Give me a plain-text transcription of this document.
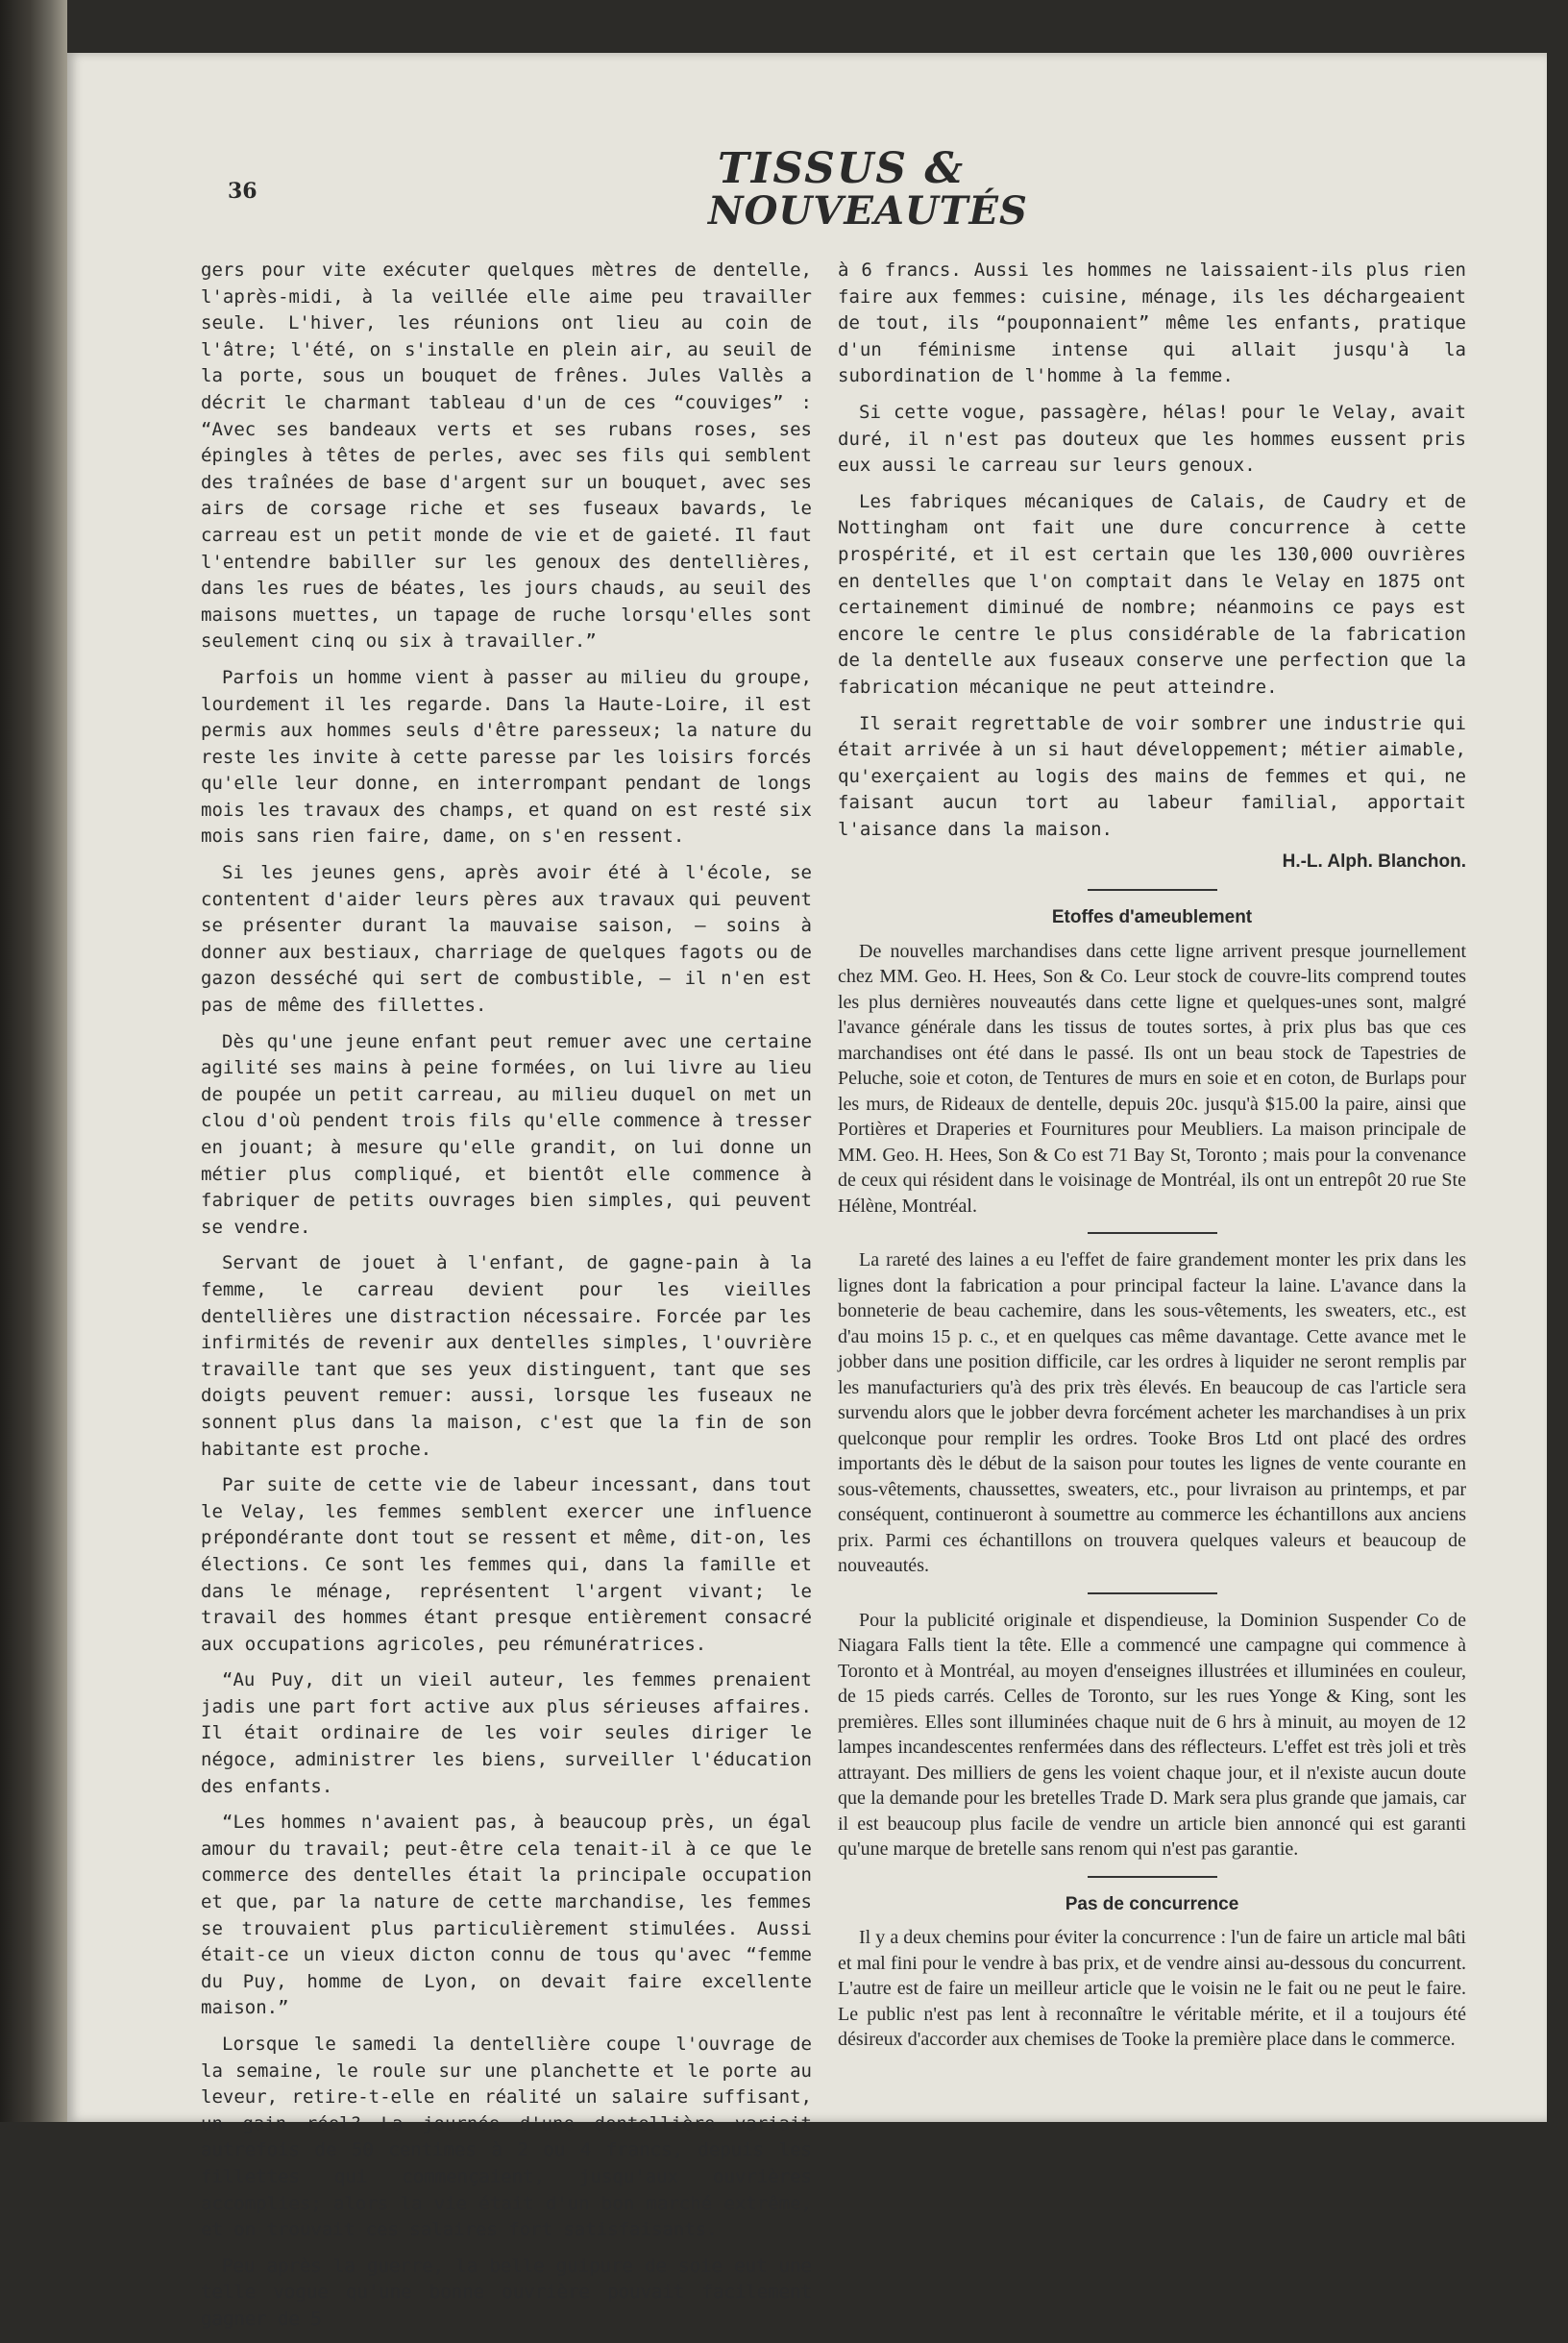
36	TISSUS &
NOUVEAUTÉS

gers pour vite exécuter quelques mètres de dentelle, l'après-midi, à la veillée elle aime peu travailler seule. L'hiver, les réunions ont lieu au coin de l'âtre; l'été, on s'installe en plein air, au seuil de la porte, sous un bouquet de frênes. Jules Vallès a décrit le charmant tableau d'un de ces “couviges” : “Avec ses bandeaux verts et ses rubans roses, ses épingles à têtes de perles, avec ses fils qui semblent des traînées de base d'argent sur un bouquet, avec ses airs de corsage riche et ses fuseaux bavards, le carreau est un petit monde de vie et de gaieté. Il faut l'entendre babiller sur les genoux des dentellières, dans les rues de béates, les jours chauds, au seuil des maisons muettes, un tapage de ruche lorsqu'elles sont seulement cinq ou six à travailler.”

Parfois un homme vient à passer au milieu du groupe, lourdement il les regarde. Dans la Haute-Loire, il est permis aux hommes seuls d'être paresseux; la nature du reste les invite à cette paresse par les loisirs forcés qu'elle leur donne, en interrompant pendant de longs mois les travaux des champs, et quand on est resté six mois sans rien faire, dame, on s'en ressent.

Si les jeunes gens, après avoir été à l'école, se contentent d'aider leurs pères aux travaux qui peuvent se présenter durant la mauvaise saison, — soins à donner aux bestiaux, charriage de quelques fagots ou de gazon desséché qui sert de combustible, — il n'en est pas de même des fillettes.

Dès qu'une jeune enfant peut remuer avec une certaine agilité ses mains à peine formées, on lui livre au lieu de poupée un petit carreau, au milieu duquel on met un clou d'où pendent trois fils qu'elle commence à tresser en jouant; à mesure qu'elle grandit, on lui donne un métier plus compliqué, et bientôt elle commence à fabriquer de petits ouvrages bien simples, qui peuvent se vendre.

Servant de jouet à l'enfant, de gagne-pain à la femme, le carreau devient pour les vieilles dentellières une distraction nécessaire. Forcée par les infirmités de revenir aux dentelles simples, l'ouvrière travaille tant que ses yeux distinguent, tant que ses doigts peuvent remuer: aussi, lorsque les fuseaux ne sonnent plus dans la maison, c'est que la fin de son habitante est proche.

Par suite de cette vie de labeur incessant, dans tout le Velay, les femmes semblent exercer une influence prépondérante dont tout se ressent et même, dit-on, les élections. Ce sont les femmes qui, dans la famille et dans le ménage, représentent l'argent vivant; le travail des hommes étant presque entièrement consacré aux occupations agricoles, peu rémunératrices.

“Au Puy, dit un vieil auteur, les femmes prenaient jadis une part fort active aux plus sérieuses affaires. Il était ordinaire de les voir seules diriger le négoce, administrer les biens, surveiller l'éducation des enfants.

“Les hommes n'avaient pas, à beaucoup près, un égal amour du travail; peut-être cela tenait-il à ce que le commerce des dentelles était la principale occupation et que, par la nature de cette marchandise, les femmes se trouvaient plus particulièrement stimulées. Aussi était-ce un vieux dicton connu de tous qu'avec “femme du Puy, homme de Lyon, on devait faire excellente maison.”

Lorsque le samedi la dentellière coupe l'ouvrage de la semaine, le roule sur une planchette et le porte au leveur, retire-t-elle en réalité un salaire suffisant, un gain réel? La journée d'une dentellière variait autrefois de 50 centimes à 2 ou 4 francs, depuis les fillettes qui commençaient, jusqu'aux ouvrières accomplies; alors la vie était d'un bon marché extrême, et on trouvait ces salaires fort satisfaisants.

Peu après la guerre, la belle guipure de soie eut une telle vogue qu'une bonne ouvrière pouvait facilement gagner de 5

à 6 francs. Aussi les hommes ne laissaient-ils plus rien faire aux femmes: cuisine, ménage, ils les déchargeaient de tout, ils “pouponnaient” même les enfants, pratique d'un féminisme intense qui allait jusqu'à la subordination de l'homme à la femme.

Si cette vogue, passagère, hélas! pour le Velay, avait duré, il n'est pas douteux que les hommes eussent pris eux aussi le carreau sur leurs genoux.

Les fabriques mécaniques de Calais, de Caudry et de Nottingham ont fait une dure concurrence à cette prospérité, et il est certain que les 130,000 ouvrières en dentelles que l'on comptait dans le Velay en 1875 ont certainement diminué de nombre; néanmoins ce pays est encore le centre le plus considérable de la fabrication de la dentelle aux fuseaux conserve une perfection que la fabrication mécanique ne peut atteindre.

Il serait regrettable de voir sombrer une industrie qui était arrivée à un si haut développement; métier aimable, qu'exerçaient au logis des mains de femmes et qui, ne faisant aucun tort au labeur familial, apportait l'aisance dans la maison.

H.-L. Alph. Blanchon.
Etoffes d'ameublement

De nouvelles marchandises dans cette ligne arrivent presque journellement chez MM. Geo. H. Hees, Son & Co. Leur stock de couvre-lits comprend toutes les plus dernières nouveautés dans cette ligne et quelques-unes sont, malgré l'avance générale dans les tissus de toutes sortes, à prix plus bas que ces marchandises ont été dans le passé. Ils ont un beau stock de Tapestries de Peluche, soie et coton, de Tentures de murs en soie et en coton, de Burlaps pour les murs, de Rideaux de dentelle, depuis 20c. jusqu'à $15.00 la paire, ainsi que Portières et Draperies et Fournitures pour Meubliers. La maison principale de MM. Geo. H. Hees, Son & Co est 71 Bay St, Toronto ; mais pour la convenance de ceux qui résident dans le voisinage de Montréal, ils ont un entrepôt 20 rue Ste Hélène, Montréal.

La rareté des laines a eu l'effet de faire grandement monter les prix dans les lignes dont la fabrication a pour principal facteur la laine. L'avance dans la bonneterie de beau cachemire, dans les sous-vêtements, les sweaters, etc., est d'au moins 15 p. c., et en quelques cas même davantage. Cette avance met le jobber dans une position difficile, car les ordres à liquider ne seront remplis par les manufacturiers qu'à des prix très élevés. En beaucoup de cas l'article sera survendu alors que le jobber devra forcément acheter les marchandises à un prix quelconque pour remplir les ordres. Tooke Bros Ltd ont placé des ordres importants dès le début de la saison pour toutes les lignes de vente courante en sous-vêtements, chaussettes, sweaters, etc., pour livraison au printemps, et par conséquent, continueront à soumettre au commerce les échantillons aux anciens prix. Parmi ces échantillons on trouvera quelques valeurs et beaucoup de nouveautés.

Pour la publicité originale et dispendieuse, la Dominion Suspender Co de Niagara Falls tient la tête. Elle a commencé une campagne qui commence à Toronto et à Montréal, au moyen d'enseignes illustrées et illuminées en couleur, de 15 pieds carrés. Celles de Toronto, sur les rues Yonge & King, sont les premières. Elles sont illuminées chaque nuit de 6 hrs à minuit, au moyen de 12 lampes incandescentes renfermées dans des réflecteurs. L'effet est très joli et très attrayant. Des milliers de gens les voient chaque jour, et il n'existe aucun doute que la demande pour les bretelles Trade D. Mark sera plus grande que jamais, car il est beaucoup plus facile de vendre un article bien annoncé qui est garanti qu'une marque de bretelle sans renom qui n'est pas garantie.

Pas de concurrence

Il y a deux chemins pour éviter la concurrence : l'un de faire un article mal bâti et mal fini pour le vendre à bas prix, et de vendre ainsi au-dessous du concurrent. L'autre est de faire un meilleur article que le voisin ne le fait ou ne peut le faire. Le public n'est pas lent à reconnaître le véritable mérite, et il a toujours été désireux d'accorder aux chemises de Tooke la première place dans le commerce.
